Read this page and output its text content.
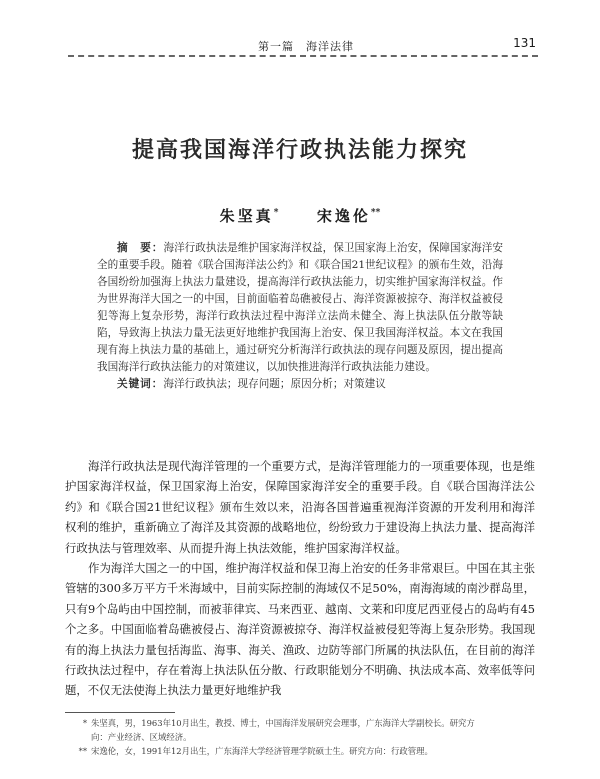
第一篇　海洋法律	131
提高我国海洋行政执法能力探究
朱坚真*	宋逸伦**

摘　要：海洋行政执法是维护国家海洋权益，保卫国家海上治安，保障国家海洋安全的重要手段。随着《联合国海洋法公约》和《联合国21世纪议程》的颁布生效，沿海各国纷纷加强海上执法力量建设，提高海洋行政执法能力，切实维护国家海洋权益。作为世界海洋大国之一的中国，目前面临着岛礁被侵占、海洋资源被掠夺、海洋权益被侵犯等海上复杂形势，海洋行政执法过程中海洋立法尚未健全、海上执法队伍分散等缺陷，导致海上执法力量无法更好地维护我国海上治安、保卫我国海洋权益。本文在我国现有海上执法力量的基础上，通过研究分析海洋行政执法的现存问题及原因，提出提高我国海洋行政执法能力的对策建议，以加快推进海洋行政执法能力建设。

关键词：海洋行政执法；现存问题；原因分析；对策建议

海洋行政执法是现代海洋管理的一个重要方式，是海洋管理能力的一项重要体现，也是维护国家海洋权益，保卫国家海上治安，保障国家海洋安全的重要手段。自《联合国海洋法公约》和《联合国21世纪议程》颁布生效以来，沿海各国普遍重视海洋资源的开发利用和海洋权利的维护，重新确立了海洋及其资源的战略地位，纷纷致力于建设海上执法力量、提高海洋行政执法与管理效率、从而提升海上执法效能，维护国家海洋权益。

作为海洋大国之一的中国，维护海洋权益和保卫海上治安的任务非常艰巨。中国在其主张管辖的300多万平方千米海域中，目前实际控制的海域仅不足50%，南海海域的南沙群岛里，只有9个岛屿由中国控制，而被菲律宾、马来西亚、越南、文莱和印度尼西亚侵占的岛屿有45个之多。中国面临着岛礁被侵占、海洋资源被掠夺、海洋权益被侵犯等海上复杂形势。我国现有的海上执法力量包括海监、海事、海关、渔政、边防等部门所属的执法队伍，在目前的海洋行政执法过程中，存在着海上执法队伍分散、行政职能划分不明确、执法成本高、效率低等问题，不仅无法使海上执法力量更好地维护我

* 朱坚真，男，1963年10月出生，教授、博士，中国海洋发展研究会理事，广东海洋大学副校长。研究方

向：产业经济、区域经济。

** 宋逸伦，女，1991年12月出生，广东海洋大学经济管理学院硕士生。研究方向：行政管理。
